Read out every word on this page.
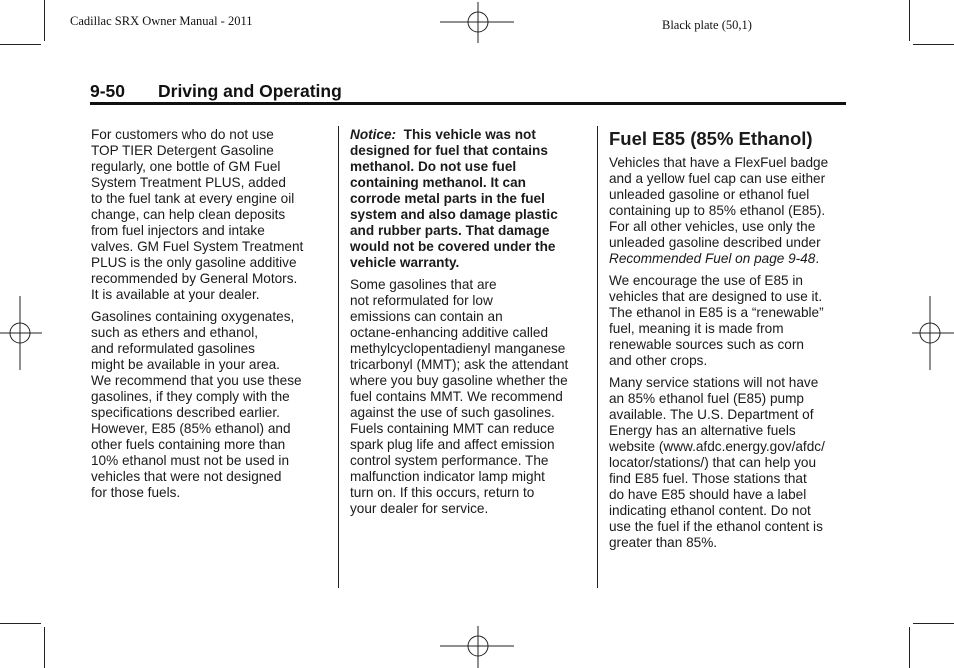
Cadillac SRX Owner Manual - 2011	Black plate (50,1)
9-50 Driving and Operating
For customers who do not use
TOP TIER Detergent Gasoline
regularly, one bottle of GM Fuel
System Treatment PLUS, added
to the fuel tank at every engine oil
change, can help clean deposits
from fuel injectors and intake
valves. GM Fuel System Treatment
PLUS is the only gasoline additive
recommended by General Motors.
It is available at your dealer.
Gasolines containing oxygenates,
such as ethers and ethanol,
and reformulated gasolines
might be available in your area.
We recommend that you use these
gasolines, if they comply with the
specifications described earlier.
However, E85 (85% ethanol) and
other fuels containing more than
10% ethanol must not be used in
vehicles that were not designed
for those fuels.
Notice: This vehicle was not
designed for fuel that contains
methanol. Do not use fuel
containing methanol. It can
corrode metal parts in the fuel
system and also damage plastic
and rubber parts. That damage
would not be covered under the
vehicle warranty.
Some gasolines that are
not reformulated for low
emissions can contain an
octane-enhancing additive called
methylcyclopentadienyl manganese
tricarbonyl (MMT); ask the attendant
where you buy gasoline whether the
fuel contains MMT. We recommend
against the use of such gasolines.
Fuels containing MMT can reduce
spark plug life and affect emission
control system performance. The
malfunction indicator lamp might
turn on. If this occurs, return to
your dealer for service.
Fuel E85 (85% Ethanol)
Vehicles that have a FlexFuel badge
and a yellow fuel cap can use either
unleaded gasoline or ethanol fuel
containing up to 85% ethanol (E85).
For all other vehicles, use only the
unleaded gasoline described under
Recommended Fuel on page 9-48.
We encourage the use of E85 in
vehicles that are designed to use it.
The ethanol in E85 is a “renewable”
fuel, meaning it is made from
renewable sources such as corn
and other crops.
Many service stations will not have
an 85% ethanol fuel (E85) pump
available. The U.S. Department of
Energy has an alternative fuels
website (www.afdc.energy.gov/afdc/
locator/stations/) that can help you
find E85 fuel. Those stations that
do have E85 should have a label
indicating ethanol content. Do not
use the fuel if the ethanol content is
greater than 85%.
